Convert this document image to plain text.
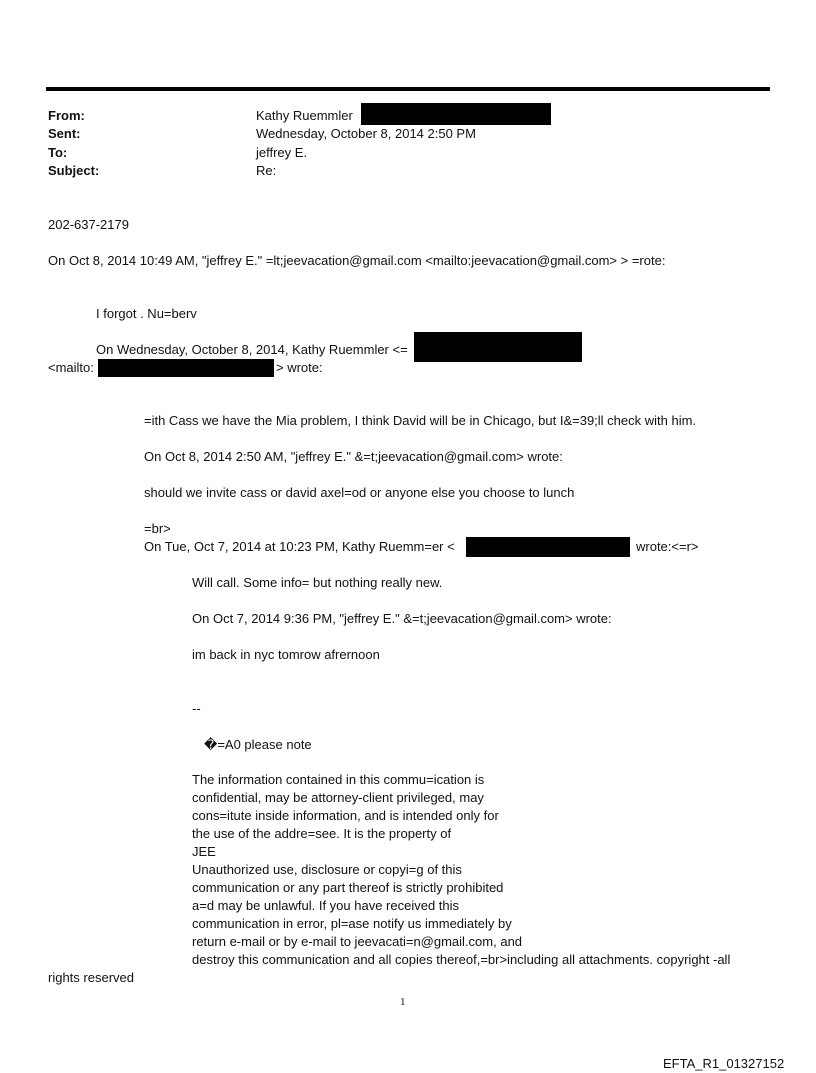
From:	Kathy Ruemmler
Sent:	Wednesday, October 8, 2014 2:50 PM
To:	jeffrey E.
Subject:	Re:
202-637-2179
On Oct 8, 2014 10:49 AM, "jeffrey E." =lt;jeevacation@gmail.com <mailto:jeevacation@gmail.com> > =rote:
I forgot . Nu=berv
On Wednesday, October 8, 2014, Kathy Ruemmler <=
<mailto:	> wrote:
=ith Cass we have the Mia problem, I think David will be in Chicago, but I&=39;ll check with him.
On Oct 8, 2014 2:50 AM, "jeffrey E." &=t;jeevacation@gmail.com> wrote:
should we invite cass or david axel=od or anyone else you choose to lunch
=br>
On Tue, Oct 7, 2014 at 10:23 PM, Kathy Ruemm=er <	wrote:<=r>
Will call. Some info= but nothing really new.
On Oct 7, 2014 9:36 PM, "jeffrey E." &=t;jeevacation@gmail.com> wrote:
im back in nyc tomrow afrernoon
--
�=A0 please note
The information contained in this commu=ication is
confidential, may be attorney-client privileged, may
cons=itute inside information, and is intended only for
the use of the addre=see. It is the property of
JEE
Unauthorized use, disclosure or copyi=g of this
communication or any part thereof is strictly prohibited
a=d may be unlawful. If you have received this
communication in error, pl=ase notify us immediately by
return e-mail or by e-mail to jeevacati=n@gmail.com, and
destroy this communication and all copies thereof,=br>including all attachments. copyright -all
rights reserved
1
EFTA_R1_01327152
